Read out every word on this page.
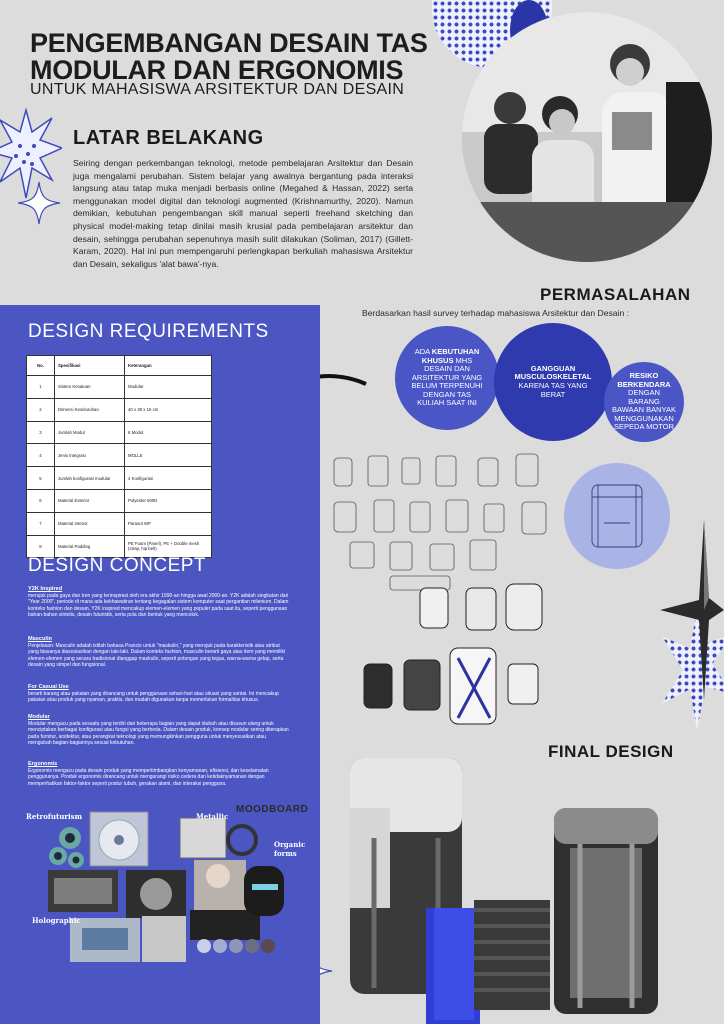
PENGEMBANGAN DESAIN TAS
MODULAR DAN ERGONOMIS
UNTUK MAHASISWA ARSITEKTUR DAN DESAIN
LATAR BELAKANG
Seiring dengan perkembangan teknologi, metode pembelajaran Arsitektur dan Desain juga mengalami perubahan. Sistem belajar yang awalnya bergantung pada interaksi langsung atau tatap muka menjadi berbasis online (Megahed & Hassan, 2022) serta menggunakan model digital dan teknologi augmented (Krishnamurthy, 2020). Namun demikian, kebutuhan pengembangan skill manual seperti freehand sketching dan physical model-making tetap dinilai masih krusial pada pembelajaran arsitektur dan desain, sehingga perubahan sepenuhnya masih sulit dilakukan (Soliman, 2017) (Gillett-Karam, 2020). Hal ini pun mempengaruhi perlengkapan berkuliah mahasiswa Arsitektur dan Desain, sekaligus 'alat bawa'-nya.
PERMASALAHAN
Berdasarkan hasil survey terhadap mahasiswa Arsitektur dan Desain :
ADA KEBUTUHAN KHUSUS MHS DESAIN DAN ARSITEKTUR YANG BELUM TERPENUHI DENGAN TAS KULIAH SAAT INI
GANGGUAN MUSCULOSKELETAL
KARENA TAS YANG BERAT
RESIKO BERKENDARA DENGAN BARANG BAWAAN BANYAK MENGGUNAKAN SEPEDA MOTOR
DESIGN REQUIREMENTS
No.	Spesifikasi	Keterangan
1	Sistem Kesatuan	Modular
2	Dimensi Keseluruhan	40 x 30 x 15 cm
3	Jumlah Modul	6 Modul
4	Jenis Integrasi	MOLLE
5	Jumlah konfigurasi modular	4 Konfigurasi
6	Material Exterior	Polyester 600D
7	Material Interior	Parasut WP
8	Material Padding	PE Foam (Panel), PE + Double mesh (strap, hip belt)
DESIGN CONCEPT
Y2K Inspired
merujuk pada gaya dan tren yang terinspirasi oleh era akhir 1990-an hingga awal 2000-an. Y2K adalah singkatan dari "Year 2000", periode di mana ada kekhawatiran tentang kegagalan sistem komputer saat pergantian milenium. Dalam konteks fashion dan desain, Y2K inspired mencakup elemen-elemen yang populer pada saat itu, seperti penggunaan bahan-bahan sintetis, desain futuristik, serta pola dan bentuk yang mencolok.
Masculin
Penjelasan: Masculin adalah istilah bahasa Prancis untuk "maskulin," yang merujuk pada karakteristik atau atribut yang biasanya diasosiasikan dengan laki-laki. Dalam konteks fashion, masculin berarti gaya atau item yang memiliki elemen-elemen yang secara tradisional dianggap maskulin, seperti potongan yang tegas, warna-warna gelap, serta desain yang simpel dan fungsional.
For Casual Use
berarti barang atau pakaian yang dirancang untuk penggunaan sehari-hari atau situasi yang santai. Ini mencakup pakaian atau produk yang nyaman, praktis, dan mudah digunakan tanpa memerlukan formalitas khusus.
Modular
Modular mengacu pada sesuatu yang terdiri dari beberapa bagian yang dapat diubah atau disusun ulang untuk menciptakan berbagai konfigurasi atau fungsi yang berbeda. Dalam desain produk, konsep modular sering diterapkan pada furnitur, arsitektur, atau perangkat teknologi yang memungkinkan pengguna untuk menyesuaikan atau mengubah bagian-bagiannya sesuai kebutuhan.
Ergonomis
Ergonomis mengacu pada desain produk yang mempertimbangkan kenyamanan, efisiensi, dan keselamatan penggunanya. Produk ergonomis dirancang untuk mengurangi risiko cedera dan ketidaknyamanan dengan memperhatikan faktor-faktor seperti postur tubuh, gerakan alami, dan interaksi pengguna.
MOODBOARD
Retrofuturism	Metallic
Organic forms
Holographic
FINAL DESIGN
